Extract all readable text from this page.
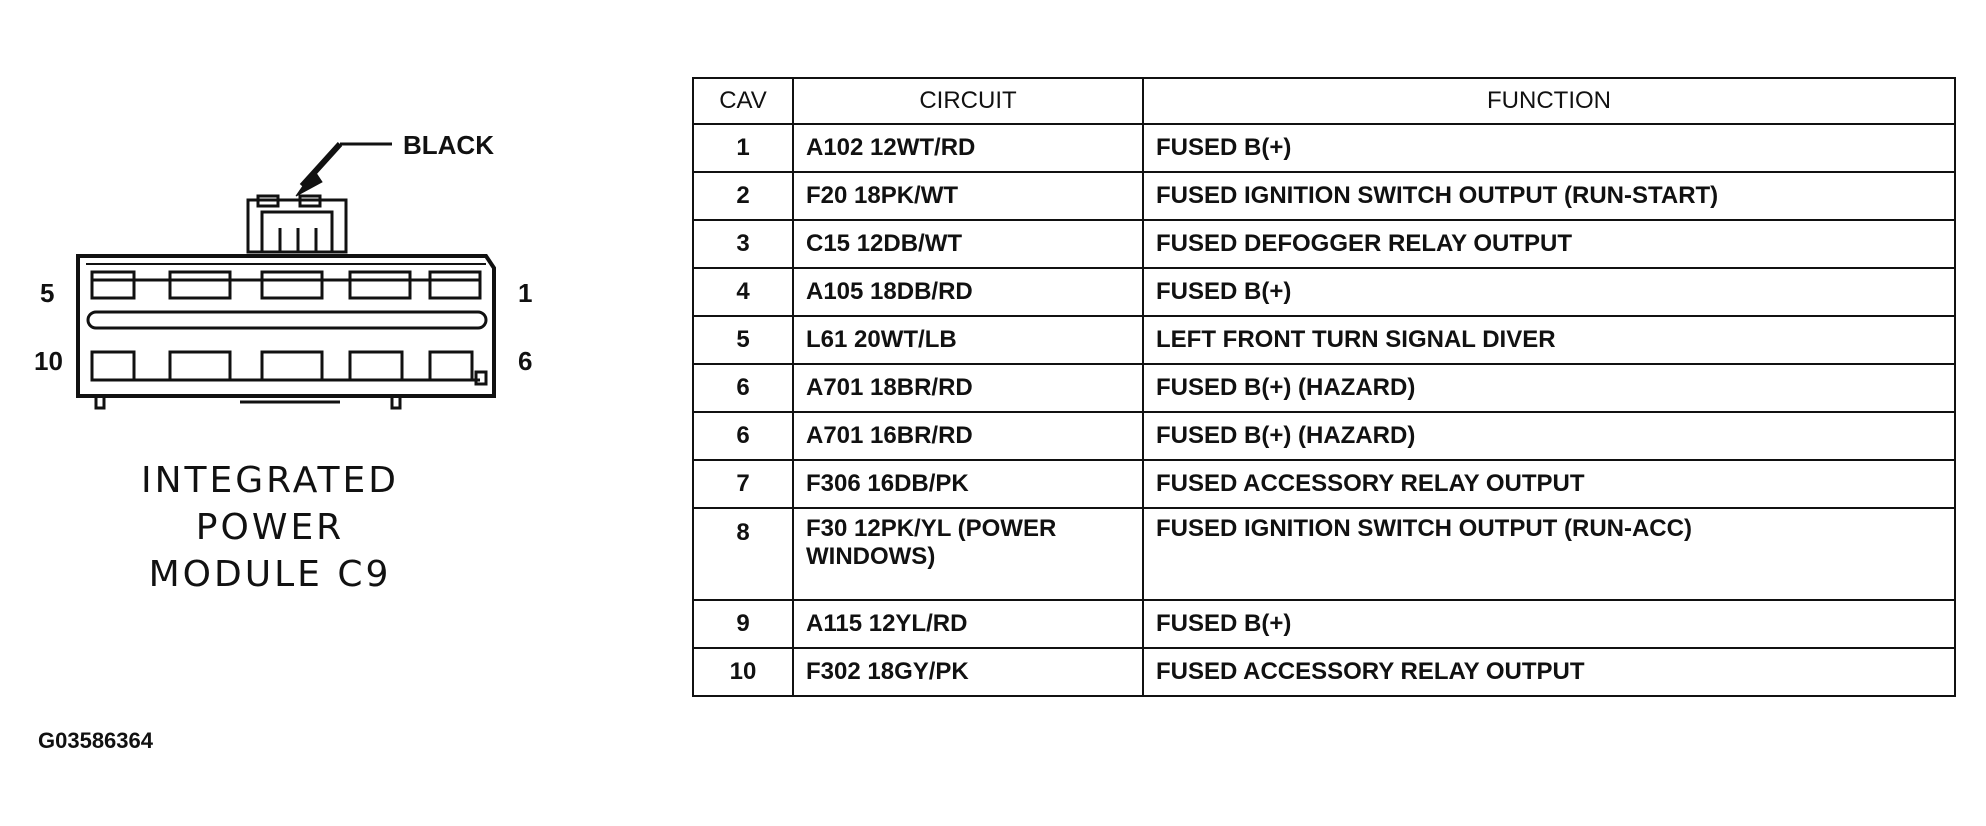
BLACK
5	1
10	6
INTEGRATED
POWER
MODULE C9
G03586364
CAV	CIRCUIT	FUNCTION
1	A102 12WT/RD	FUSED B(+)
2	F20 18PK/WT	FUSED IGNITION SWITCH OUTPUT (RUN-START)
3	C15 12DB/WT	FUSED DEFOGGER RELAY OUTPUT
4	A105 18DB/RD	FUSED B(+)
5	L61 20WT/LB	LEFT FRONT TURN SIGNAL DIVER
6	A701 18BR/RD	FUSED B(+) (HAZARD)
6	A701 16BR/RD	FUSED B(+) (HAZARD)
7	F306 16DB/PK	FUSED ACCESSORY RELAY OUTPUT
8	F30 12PK/YL (POWER WINDOWS)	FUSED IGNITION SWITCH OUTPUT (RUN-ACC)
9	A115 12YL/RD	FUSED B(+)
10	F302 18GY/PK	FUSED ACCESSORY RELAY OUTPUT
